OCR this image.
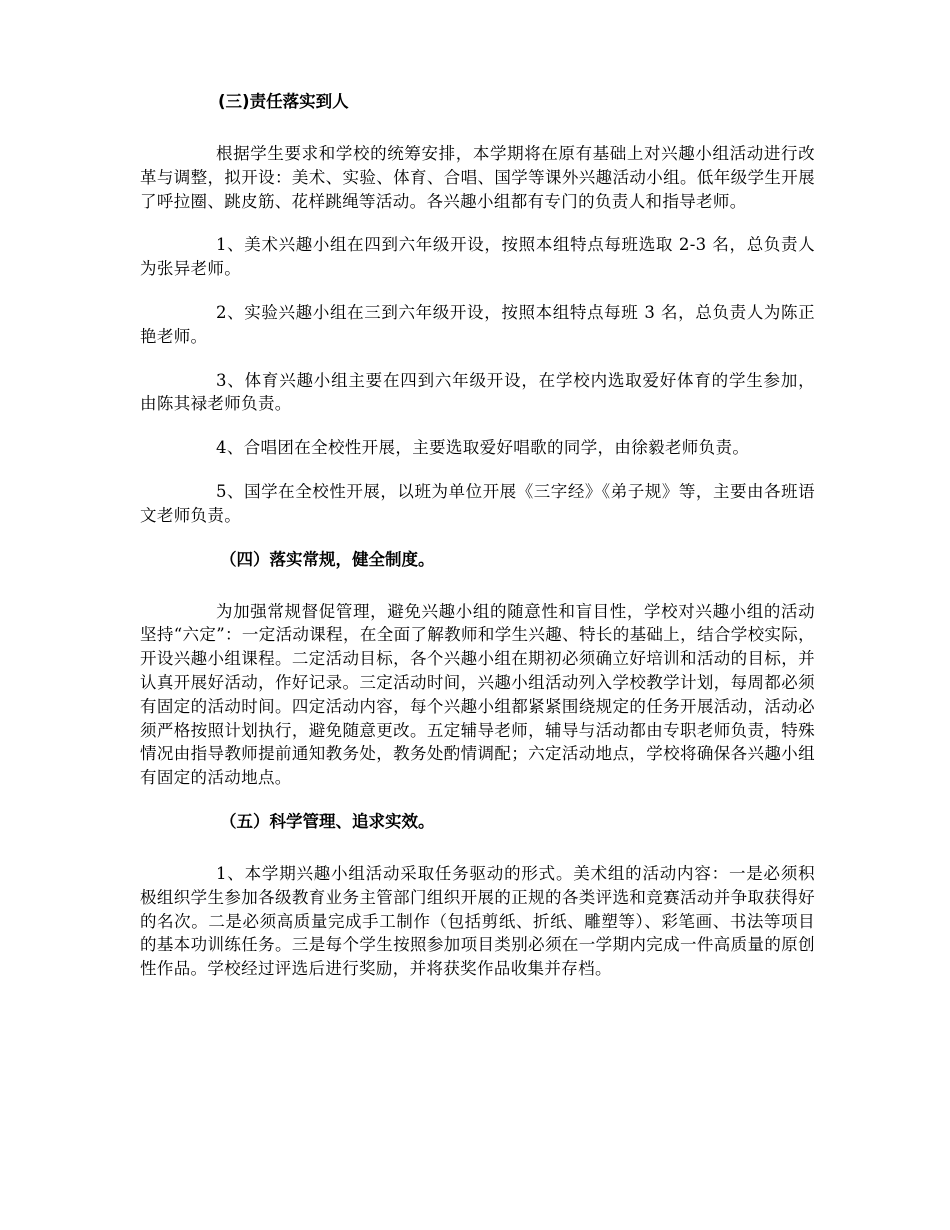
(三)责任落实到人

根据学生要求和学校的统筹安排，本学期将在原有基础上对兴趣小组活动进行改革与调整，拟开设：美术、实验、体育、合唱、国学等课外兴趣活动小组。低年级学生开展了呼拉圈、跳皮筋、花样跳绳等活动。各兴趣小组都有专门的负责人和指导老师。

1、美术兴趣小组在四到六年级开设，按照本组特点每班选取 2-3 名，总负责人为张异老师。

2、实验兴趣小组在三到六年级开设，按照本组特点每班 3 名，总负责人为陈正艳老师。

3、体育兴趣小组主要在四到六年级开设，在学校内选取爱好体育的学生参加，由陈其禄老师负责。

4、合唱团在全校性开展，主要选取爱好唱歌的同学，由徐毅老师负责。

5、国学在全校性开展，以班为单位开展《三字经》《弟子规》等，主要由各班语文老师负责。

（四）落实常规，健全制度。

为加强常规督促管理，避免兴趣小组的随意性和盲目性，学校对兴趣小组的活动坚持“六定”：一定活动课程，在全面了解教师和学生兴趣、特长的基础上，结合学校实际，开设兴趣小组课程。二定活动目标，各个兴趣小组在期初必须确立好培训和活动的目标，并认真开展好活动，作好记录。三定活动时间，兴趣小组活动列入学校教学计划，每周都必须有固定的活动时间。四定活动内容，每个兴趣小组都紧紧围绕规定的任务开展活动，活动必须严格按照计划执行，避免随意更改。五定辅导老师，辅导与活动都由专职老师负责，特殊情况由指导教师提前通知教务处，教务处酌情调配；六定活动地点，学校将确保各兴趣小组有固定的活动地点。

（五）科学管理、追求实效。

1、本学期兴趣小组活动采取任务驱动的形式。美术组的活动内容：一是必须积极组织学生参加各级教育业务主管部门组织开展的正规的各类评选和竞赛活动并争取获得好的名次。二是必须高质量完成手工制作（包括剪纸、折纸、雕塑等）、彩笔画、书法等项目的基本功训练任务。三是每个学生按照参加项目类别必须在一学期内完成一件高质量的原创性作品。学校经过评选后进行奖励，并将获奖作品收集并存档。
